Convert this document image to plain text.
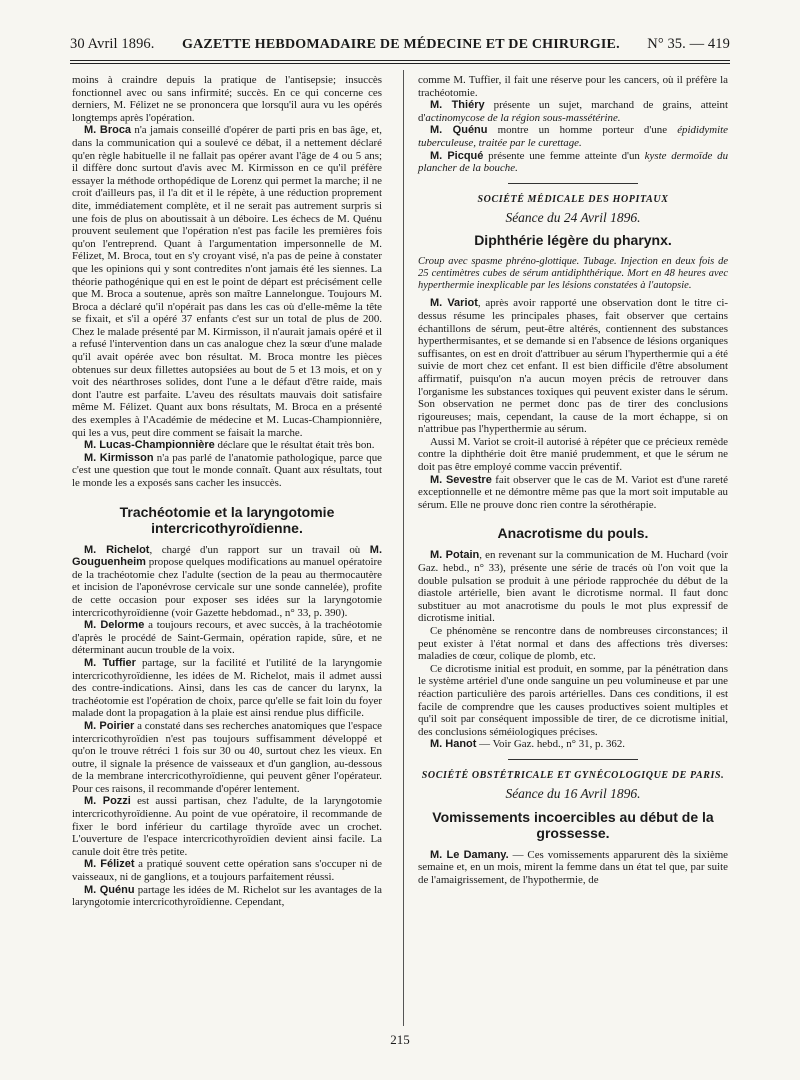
30 Avril 1896. GAZETTE HEBDOMADAIRE DE MÉDECINE ET DE CHIRURGIE. N° 35. — 419

moins à craindre depuis la pratique de l'antisepsie; insuccès fonctionnel avec ou sans infirmité; succès. En ce qui concerne ces derniers, M. Félizet ne se prononcera que lorsqu'il aura vu les opérés longtemps après l'opération.

M. Broca n'a jamais conseillé d'opérer de parti pris en bas âge, et, dans la communication qui a soulevé ce débat, il a nettement déclaré qu'en règle habituelle il ne fallait pas opérer avant l'âge de 4 ou 5 ans; il diffère donc surtout d'avis avec M. Kirmisson en ce qu'il préfère essayer la méthode orthopédique de Lorenz qui permet la marche; il ne croit d'ailleurs pas, il l'a dit et il le répète, à une réduction proprement dite, immédiatement complète, et il ne serait pas autrement surpris si une fois de plus on aboutissait à un déboire. Les échecs de M. Quénu prouvent seulement que l'opération n'est pas facile les premières fois qu'on l'entreprend. Quant à l'argumentation impersonnelle de M. Félizet, M. Broca, tout en s'y croyant visé, n'a pas de peine à constater que les opinions qui y sont contredites n'ont jamais été les siennes. La théorie pathogénique qui en est le point de départ est précisément celle que M. Broca a soutenue, après son maître Lannelongue. Toujours M. Broca a déclaré qu'il n'opérait pas dans les cas où d'elle-même la tête se fixait, et s'il a opéré 37 enfants c'est sur un total de plus de 200. Chez le malade présenté par M. Kirmisson, il n'aurait jamais opéré et il a refusé l'intervention dans un cas analogue chez la sœur d'une malade qu'il avait opérée avec bon résultat. M. Broca montre les pièces obtenues sur deux fillettes autopsiées au bout de 5 et 13 mois, et on y voit des néarthroses solides, dont l'une a le défaut d'être raide, mais dont l'autre est parfaite. L'aveu des résultats mauvais doit satisfaire même M. Félizet. Quant aux bons résultats, M. Broca en a présenté des exemples à l'Académie de médecine et M. Lucas-Championnière, qui les a vus, peut dire comment se faisait la marche.

M. Lucas-Championnière déclare que le résultat était très bon.

M. Kirmisson n'a pas parlé de l'anatomie pathologique, parce que c'est une question que tout le monde connaît. Quant aux résultats, tout le monde les a exposés sans cacher les insuccès.

Trachéotomie et la laryngotomie intercricothyroïdienne.

M. Richelot, chargé d'un rapport sur un travail où M. Gouguenheim propose quelques modifications au manuel opératoire de la trachéotomie chez l'adulte (section de la peau au thermocautère et incision de l'aponévrose cervicale sur une sonde cannelée), profite de cette occasion pour exposer ses idées sur la laryngotomie intercricothyroïdienne (voir Gazette hebdomad., n° 33, p. 390).

M. Delorme a toujours recours, et avec succès, à la trachéotomie d'après le procédé de Saint-Germain, opération rapide, sûre, et ne déterminant aucun trouble de la voix.

M. Tuffier partage, sur la facilité et l'utilité de la laryngomie intercricothyroïdienne, les idées de M. Richelot, mais il admet aussi des contre-indications. Ainsi, dans les cas de cancer du larynx, la trachéotomie est l'opération de choix, parce qu'elle se fait loin du foyer malade dont la propagation à la plaie est ainsi rendue plus difficile.

M. Poirier a constaté dans ses recherches anatomiques que l'espace intercricothyroïdien n'est pas toujours suffisamment développé et qu'on le trouve rétréci 1 fois sur 30 ou 40, surtout chez les vieux. En outre, il signale la présence de vaisseaux et d'un ganglion, au-dessous de la membrane intercricothyroïdienne, qui peuvent gêner l'opérateur. Pour ces raisons, il recommande d'opérer lentement.

M. Pozzi est aussi partisan, chez l'adulte, de la laryngotomie intercricothyroïdienne. Au point de vue opératoire, il recommande de fixer le bord inférieur du cartilage thyroïde avec un crochet. L'ouverture de l'espace intercricothyroïdien devient ainsi facile. La canule doit être très petite.

M. Félizet a pratiqué souvent cette opération sans s'occuper ni de vaisseaux, ni de ganglions, et a toujours parfaitement réussi.

M. Quénu partage les idées de M. Richelot sur les avantages de la laryngotomie intercricothyroïdienne. Cependant,

comme M. Tuffier, il fait une réserve pour les cancers, où il préfère la trachéotomie.

M. Thiéry présente un sujet, marchand de grains, atteint d'actinomycose de la région sous-massétérine.

M. Quénu montre un homme porteur d'une épididymite tuberculeuse, traitée par le curettage.

M. Picqué présente une femme atteinte d'un kyste dermoïde du plancher de la bouche.

SOCIÉTÉ MÉDICALE DES HOPITAUX
Séance du 24 Avril 1896.
Diphthérie légère du pharynx.
Croup avec spasme phréno-glottique. Tubage. Injection en deux fois de 25 centimètres cubes de sérum antidiphthérique. Mort en 48 heures avec hyperthermie inexplicable par les lésions constatées à l'autopsie.

M. Variot, après avoir rapporté une observation dont le titre ci-dessus résume les principales phases, fait observer que certains échantillons de sérum, peut-être altérés, contiennent des substances hyperthermisantes, et se demande si en l'absence de lésions organiques suffisantes, on est en droit d'attribuer au sérum l'hyperthermie qui a été suivie de mort chez cet enfant. Il est bien difficile d'être absolument affirmatif, puisqu'on n'a aucun moyen précis de retrouver dans l'organisme les substances toxiques qui peuvent exister dans le sérum. Son observation ne permet donc pas de tirer des conclusions rigoureuses; mais, cependant, la cause de la mort échappe, si on n'attribue pas l'hyperthermie au sérum.

Aussi M. Variot se croit-il autorisé à répéter que ce précieux remède contre la diphthérie doit être manié prudemment, et que le sérum ne doit pas être employé comme vaccin préventif.

M. Sevestre fait observer que le cas de M. Variot est d'une rareté exceptionnelle et ne démontre même pas que la mort soit imputable au sérum. Elle ne prouve donc rien contre la sérothérapie.

Anacrotisme du pouls.

M. Potain, en revenant sur la communication de M. Huchard (voir Gaz. hebd., n° 33), présente une série de tracés où l'on voit que la double pulsation se produit à une période rapprochée du début de la diastole artérielle, bien avant le dicrotisme normal. Il faut donc substituer au mot anacrotisme du pouls le mot plus expressif de dicrotisme initial.

Ce phénomène se rencontre dans de nombreuses circonstances; il peut exister à l'état normal et dans des affections très diverses: maladies de cœur, colique de plomb, etc.

Ce dicrotisme initial est produit, en somme, par la pénétration dans le système artériel d'une onde sanguine un peu volumineuse et par une réaction particulière des parois artérielles. Dans ces conditions, il est facile de comprendre que les causes productives soient multiples et qu'il soit par conséquent impossible de tirer, de ce dicrotisme initial, des conclusions séméiologiques précises.

M. Hanot — Voir Gaz. hebd., n° 31, p. 362.

SOCIÉTÉ OBSTÉTRICALE ET GYNÉCOLOGIQUE DE PARIS.
Séance du 16 Avril 1896.
Vomissements incoercibles au début de la grossesse.

M. Le Damany. — Ces vomissements apparurent dès la sixième semaine et, en un mois, mirent la femme dans un état tel que, par suite de l'amaigrissement, de l'hypothermie, de

215
